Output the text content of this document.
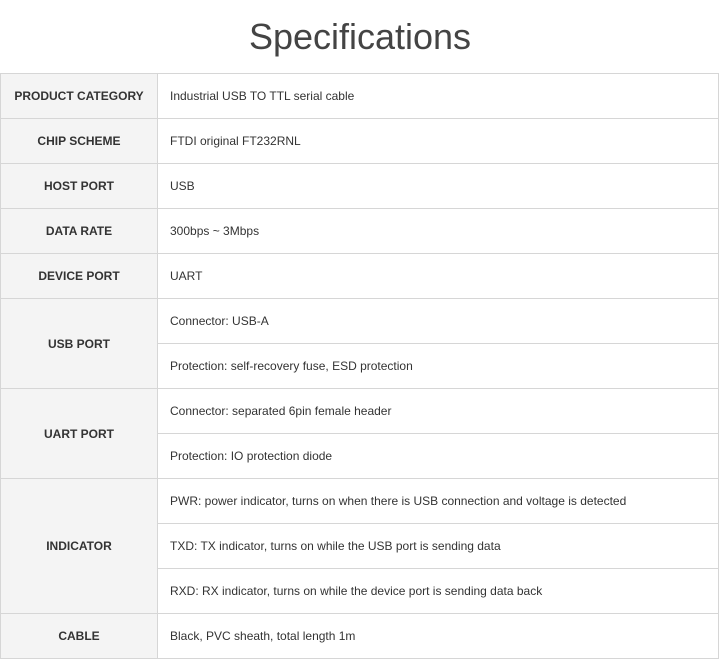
Specifications
PRODUCT CATEGORY	Industrial USB TO TTL serial cable
CHIP SCHEME	FTDI original FT232RNL
HOST PORT	USB
DATA RATE	300bps ~ 3Mbps
DEVICE PORT	UART
USB PORT	Connector: USB-A
	Protection: self-recovery fuse, ESD protection
UART PORT	Connector: separated 6pin female header
	Protection: IO protection diode
INDICATOR	PWR: power indicator, turns on when there is USB connection and voltage is detected
	TXD: TX indicator, turns on while the USB port is sending data
	RXD: RX indicator, turns on while the device port is sending data back
CABLE	Black, PVC sheath, total length 1m
